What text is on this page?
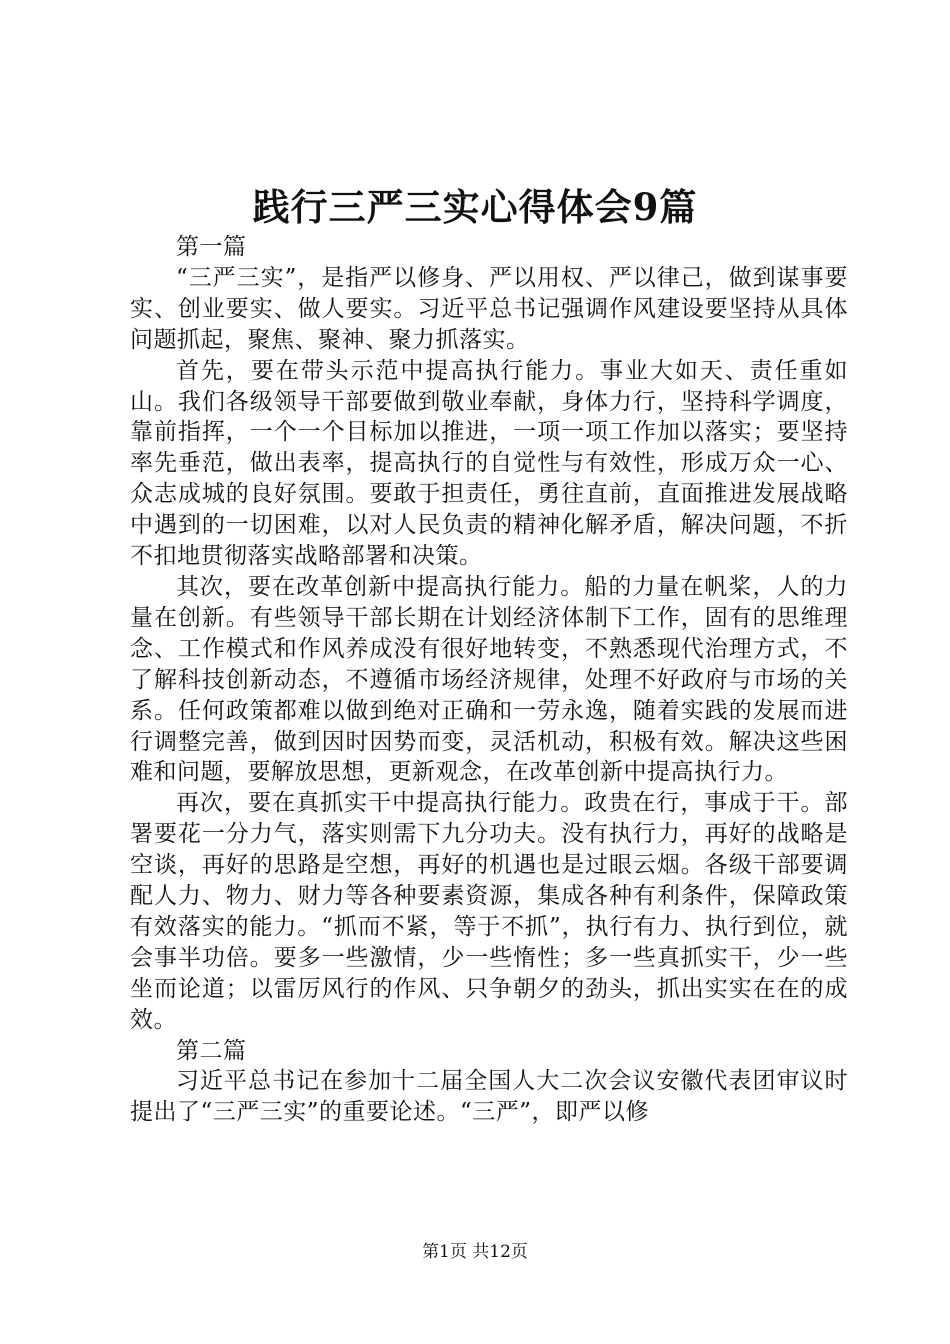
践行三严三实心得体会9篇

第一篇

“三严三实”，是指严以修身、严以用权、严以律己，做到谋事要实、创业要实、做人要实。习近平总书记强调作风建设要坚持从具体问题抓起，聚焦、聚神、聚力抓落实。

首先，要在带头示范中提高执行能力。事业大如天、责任重如山。我们各级领导干部要做到敬业奉献，身体力行，坚持科学调度，靠前指挥，一个一个目标加以推进，一项一项工作加以落实；要坚持率先垂范，做出表率，提高执行的自觉性与有效性，形成万众一心、众志成城的良好氛围。要敢于担责任，勇往直前，直面推进发展战略中遇到的一切困难，以对人民负责的精神化解矛盾，解决问题，不折不扣地贯彻落实战略部署和决策。

其次，要在改革创新中提高执行能力。船的力量在帆桨，人的力量在创新。有些领导干部长期在计划经济体制下工作，固有的思维理念、工作模式和作风养成没有很好地转变，不熟悉现代治理方式，不了解科技创新动态，不遵循市场经济规律，处理不好政府与市场的关系。任何政策都难以做到绝对正确和一劳永逸，随着实践的发展而进行调整完善，做到因时因势而变，灵活机动，积极有效。解决这些困难和问题，要解放思想，更新观念，在改革创新中提高执行力。

再次，要在真抓实干中提高执行能力。政贵在行，事成于干。部署要花一分力气，落实则需下九分功夫。没有执行力，再好的战略是空谈，再好的思路是空想，再好的机遇也是过眼云烟。各级干部要调配人力、物力、财力等各种要素资源，集成各种有利条件，保障政策有效落实的能力。“抓而不紧，等于不抓”，执行有力、执行到位，就会事半功倍。要多一些激情，少一些惰性；多一些真抓实干，少一些坐而论道；以雷厉风行的作风、只争朝夕的劲头，抓出实实在在的成效。

第二篇

习近平总书记在参加十二届全国人大二次会议安徽代表团审议时提出了“三严三实”的重要论述。“三严”，即严以修

第1页 共12页
